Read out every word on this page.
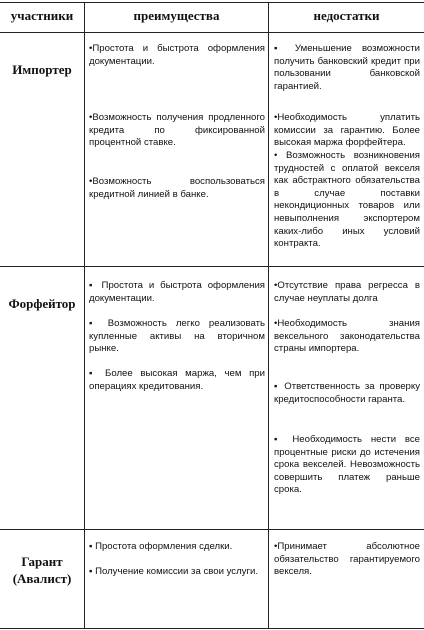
участники	преимущества	недостатки
Импортер
•Простота и быстрота оформления документации.
•Возможность получения продленного кредита по фиксированной процентной ставке.
•Возможность воспользоваться кредитной линией в банке.
▪ Уменьшение возможности получить банковский кредит при пользовании банковской гарантией.
•Необходимость уплатить комиссии за гарантию. Более высокая маржа форфейтера.
• Возможность возникновения трудностей с оплатой векселя как абстрактного обязательства в случае поставки некондиционных товаров или невыполнения экспортером каких-либо иных условий контракта.
Форфейтор
▪ Простота и быстрота оформления документации.
▪ Возможность легко реализовать купленные активы на вторичном рынке.
▪ Более высокая маржа, чем при операциях кредитования.
•Отсутствие права регресса в случае неуплаты долга
•Необходимость знания вексельного законодательства страны импортера.
▪ Ответственность за проверку кредитоспособности гаранта.
▪ Необходимость нести все процентные риски до истечения срока векселей. Невозможность совершить платеж раньше срока.
Гарант (Авалист)
▪ Простота оформления сделки.
▪ Получение комиссии за свои услуги.
•Принимает абсолютное обязательство гарантируемого векселя.
